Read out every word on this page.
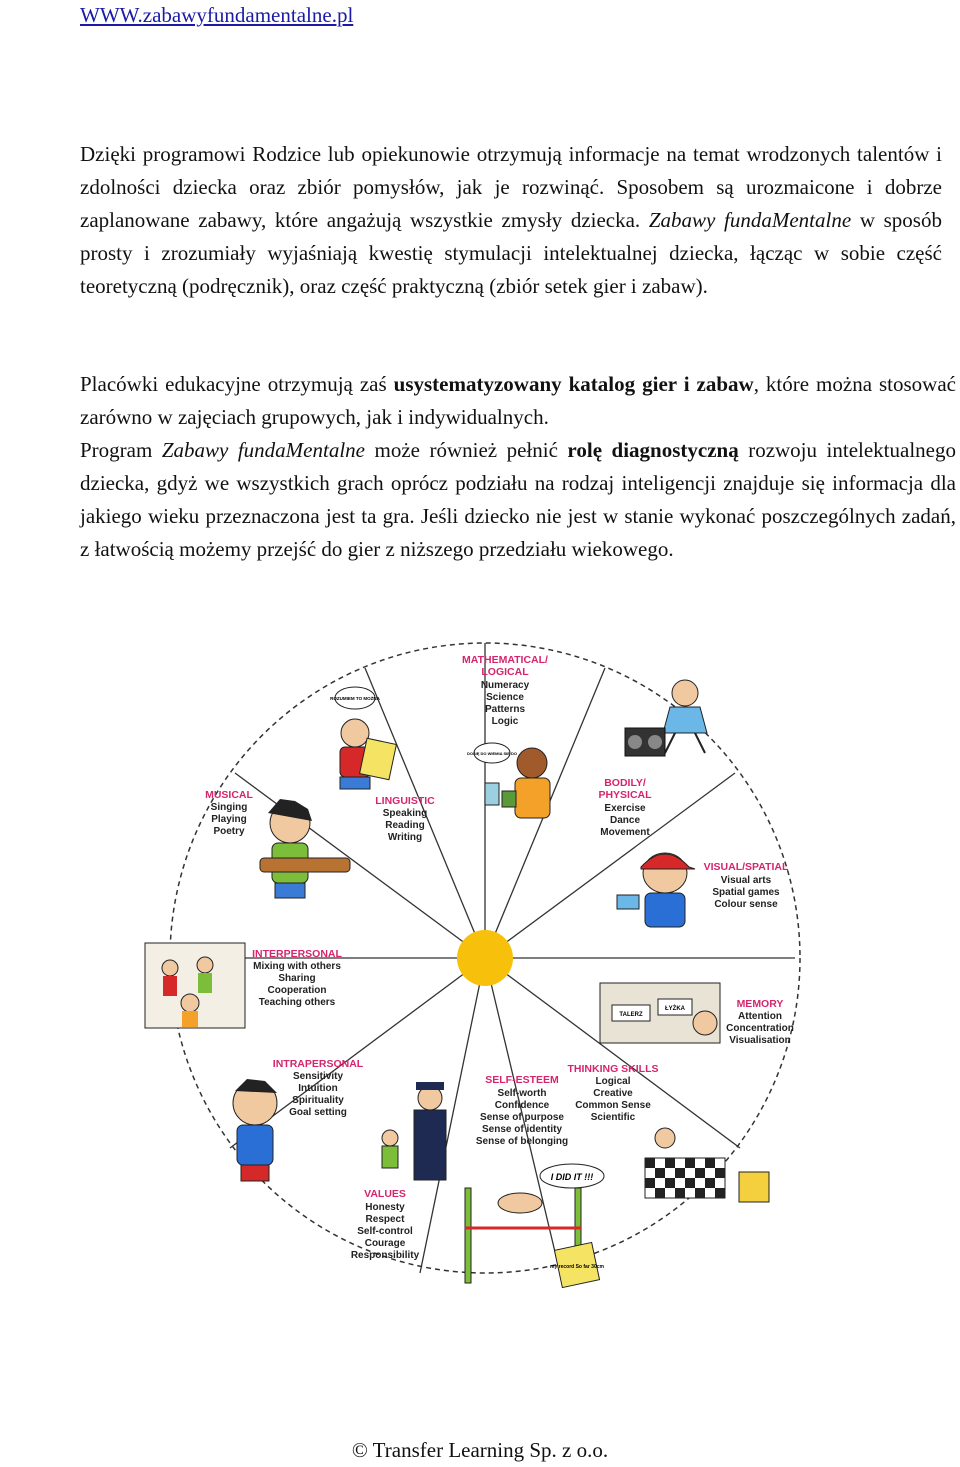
WWW.zabawyfundamentalne.pl

Dzięki programowi Rodzice lub opiekunowie otrzymują informacje na temat wrodzonych talentów i zdolności dziecka oraz zbiór pomysłów, jak je rozwinąć. Sposobem są urozmaicone i dobrze zaplanowane zabawy, które angażują wszystkie zmysły dziecka. Zabawy fundaMentalne w sposób prosty i zrozumiały wyjaśniają kwestię stymulacji intelektualnej dziecka, łącząc w sobie część teoretyczną (podręcznik), oraz część praktyczną (zbiór setek gier i zabaw).

Placówki edukacyjne otrzymują zaś usystematyzowany katalog gier i zabaw, które można stosować zarówno w zajęciach grupowych, jak i indywidualnych.

Program Zabawy fundaMentalne może również pełnić rolę diagnostyczną rozwoju intelektualnego dziecka, gdyż we wszystkich grach oprócz podziału na rodzaj inteligencji znajduje się informacja dla jakiego wieku przeznaczona jest ta gra. Jeśli dziecko nie jest w stanie wykonać poszczególnych zadań, z łatwością możemy przejść do gier z niższego przedziału wiekowego.

ROZUMIEM TO MOŻNA
DOSIĘ DO WIEMIA SIĘ DO
TALERZ
ŁYŻKA
I DID IT !!!
my record So far 30cm
MATHEMATICAL/
LOGICAL
Numeracy
Science
Patterns
Logic
BODILY/
PHYSICAL
Exercise
Dance
Movement
VISUAL/SPATIAL
Visual arts
Spatial games
Colour sense
MEMORY
Attention
Concentration
Visualisation
THINKING SKILLS
Logical
Creative
Common Sense
Scientific
SELF-ESTEEM
Self-worth
Confidence
Sense of purpose
Sense of identity
Sense of belonging
VALUES
Honesty
Respect
Self-control
Courage
Responsibility
INTRAPERSONAL
Sensitivity
Intuition
Spirituality
Goal setting
INTERPERSONAL
Mixing with others
Sharing
Cooperation
Teaching others
MUSICAL
Singing
Playing
Poetry
LINGUISTIC
Speaking
Reading
Writing
© Transfer Learning Sp. z o.o.
